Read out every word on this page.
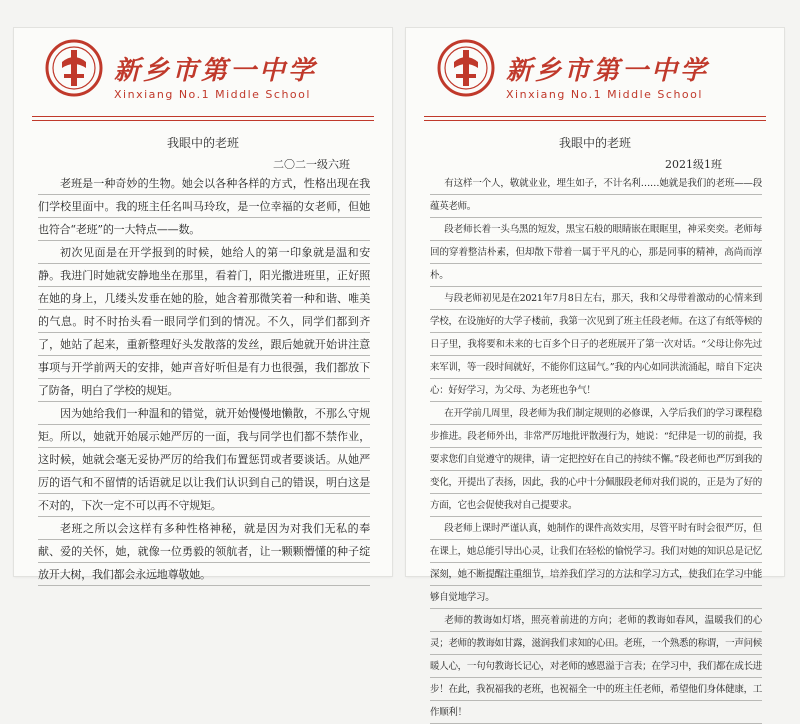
新乡市第一中学
Xinxiang No.1 Middle School
我眼中的老班
二〇二一级六班

老班是一种奇妙的生物。她会以各种各样的方式，性格出现在我们学校里面中。我的班主任名叫马玲玫，是一位幸福的女老师，但她也符合“老班”的一大特点——数。

初次见面是在开学报到的时候，她给人的第一印象就是温和安静。我进门时她就安静地坐在那里，看着门，阳光撒进班里，正好照在她的身上，几缕头发垂在她的脸，她含着那微笑着一种和谐、唯美的气息。时不时抬头看一眼同学们到的情况。不久，同学们都到齐了，她站了起来，重新整理好头发散落的发丝，跟后她就开始讲注意事项与开学前两天的安排，她声音好听但是有力也很强，我们都放下了防备，明白了学校的规矩。

因为她给我们一种温和的错觉，就开始慢慢地懒散，不那么守规矩。所以，她就开始展示她严厉的一面，我与同学也们都不禁作业，这时候，她就会毫无妥协严厉的给我们布置惩罚或者要谈话。从她严厉的语气和不留情的话语就足以让我们认识到自己的错误，明白这是不对的，下次一定不可以再不守规矩。

老班之所以会这样有多种性格神秘，就是因为对我们无私的奉献、爱的关怀，她，就像一位勇毅的领航者，让一颗颗懵懂的种子绽放开大树，我们都会永远地尊敬她。

新乡市第一中学
Xinxiang No.1 Middle School
我眼中的老班
2021级1班

有这样一个人，敬就业业，埋生如子，不计名利……她就是我们的老班——段蕴英老师。

段老师长着一头乌黑的短发，黑宝石般的眼睛嵌在眼眶里，神采奕奕。老师每回的穿着整洁朴素，但却散下带着一属于平凡的心，那是同事的精神，高尚而淳朴。

与段老师初见是在2021年7月8日左右，那天，我和父母带着激动的心情来到学校，在设施好的大学子楼前，我第一次见到了班主任段老师。在这了有纸等候的日子里，我将要和未来的七百多个日子的老班展开了第一次对话。“父母让你先过来军训，等一段时间就好，不能你们这届气。”我的内心如同洪流涌起，暗自下定决心：好好学习，为父母、为老班也争气！

在开学前几周里，段老师为我们制定规则的必修课，入学后我们的学习课程稳步推进。段老师外出，非常严厉地批评散漫行为，她说：“纪律是一切的前提，我要求您们自觉遵守的规律，请一定把控好在自己的持续不懈。”段老师也严厉到我的变化，开提出了表扬，因此，我的心中十分佩服段老师对我们说的，正是为了好的方面，它也会促使我对自己提要求。

段老师上课时严谨认真，她制作的课件高效实用，尽管平时有时会很严厉，但在课上，她总能引导出心灵，让我们在轻松的愉悦学习。我们对她的知识总是记忆深刻，她不断提醒注重细节，培养我们学习的方法和学习方式，使我们在学习中能够自觉地学习。

老师的教诲如灯塔，照亮着前进的方向；老师的教诲如春风，温暖我们的心灵；老师的教诲如甘露，滋润我们求知的心田。老班，一个熟悉的称谓，一声问候暖人心，一句句教诲长记心，对老师的感恩溢于言表；在学习中，我们都在成长进步！在此，我祝福我的老班，也祝福全一中的班主任老师，希望他们身体健康，工作顺利！
